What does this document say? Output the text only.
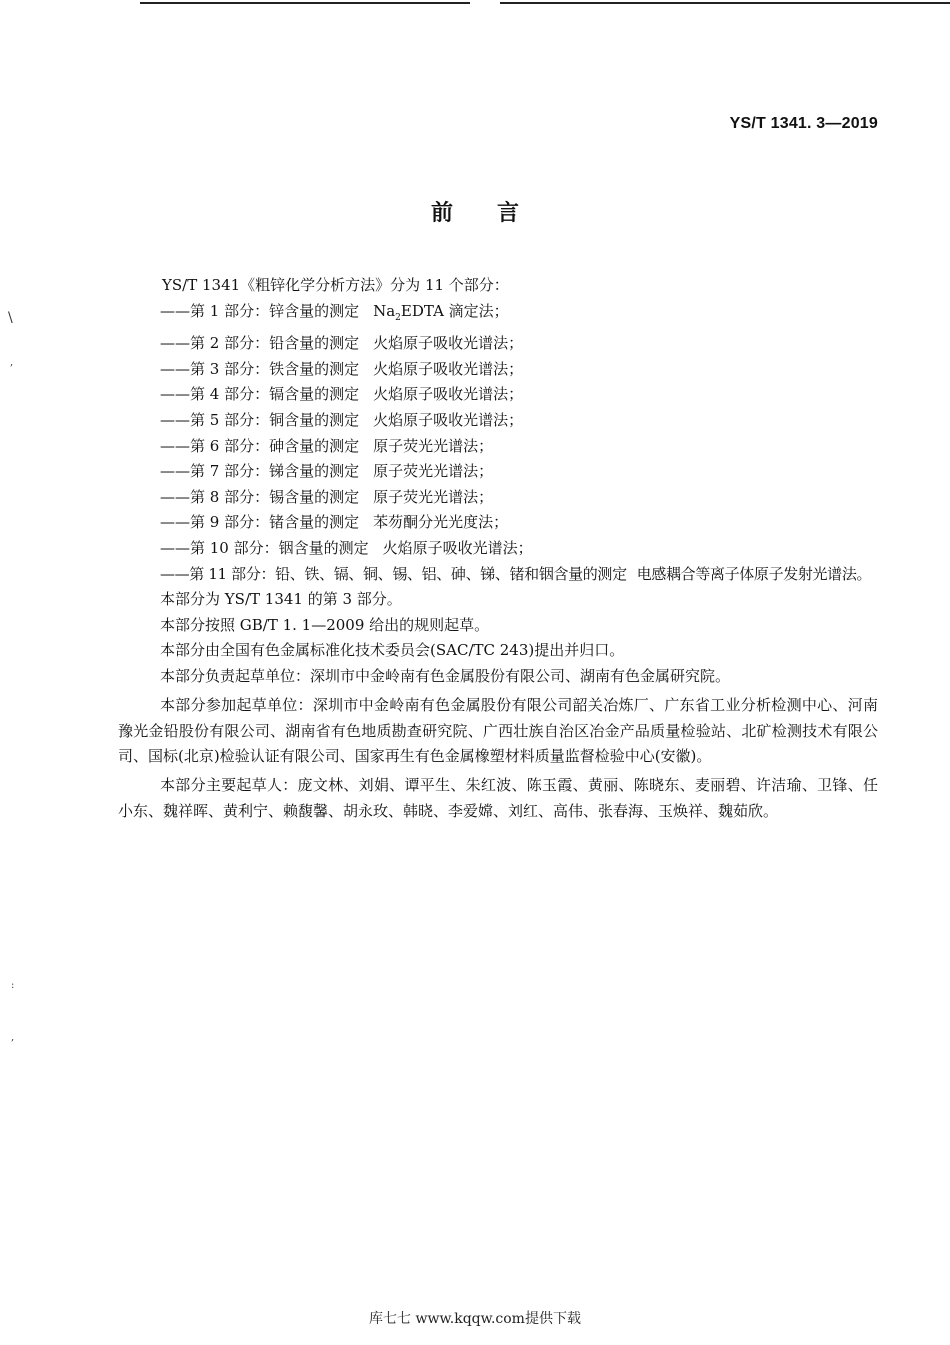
\
,
:
,
YS/T 1341. 3—2019
前言
YS/T 1341《粗锌化学分析方法》分为 11 个部分：
——第 1 部分：锌含量的测定 $Na_2EDTA$ 滴定法；
——第 2 部分：铅含量的测定 火焰原子吸收光谱法；
——第 3 部分：铁含量的测定 火焰原子吸收光谱法；
——第 4 部分：镉含量的测定 火焰原子吸收光谱法；
——第 5 部分：铜含量的测定 火焰原子吸收光谱法；
——第 6 部分：砷含量的测定 原子荧光光谱法；
——第 7 部分：锑含量的测定 原子荧光光谱法；
——第 8 部分：锡含量的测定 原子荧光光谱法；
——第 9 部分：锗含量的测定 苯芴酮分光光度法；
——第 10 部分：铟含量的测定 火焰原子吸收光谱法；
——第 11 部分：铅、铁、镉、铜、锡、铝、砷、锑、锗和铟含量的测定 电感耦合等离子体原子发射光谱法。
本部分为 YS/T 1341 的第 3 部分。
本部分按照 GB/T 1. 1—2009 给出的规则起草。
本部分由全国有色金属标准化技术委员会(SAC/TC 243)提出并归口。
本部分负责起草单位：深圳市中金岭南有色金属股份有限公司、湖南有色金属研究院。
本部分参加起草单位：深圳市中金岭南有色金属股份有限公司韶关冶炼厂、广东省工业分析检测中心、河南豫光金铅股份有限公司、湖南省有色地质勘查研究院、广西壮族自治区冶金产品质量检验站、北矿检测技术有限公司、国标(北京)检验认证有限公司、国家再生有色金属橡塑材料质量监督检验中心(安徽)。
本部分主要起草人：庞文林、刘娟、谭平生、朱红波、陈玉霞、黄丽、陈晓东、麦丽碧、许洁瑜、卫锋、任小东、魏祥晖、黄利宁、赖馥馨、胡永玫、韩晓、李爱嫦、刘红、高伟、张春海、玉焕祥、魏茹欣。
库七七 www.kqqw.com提供下载
